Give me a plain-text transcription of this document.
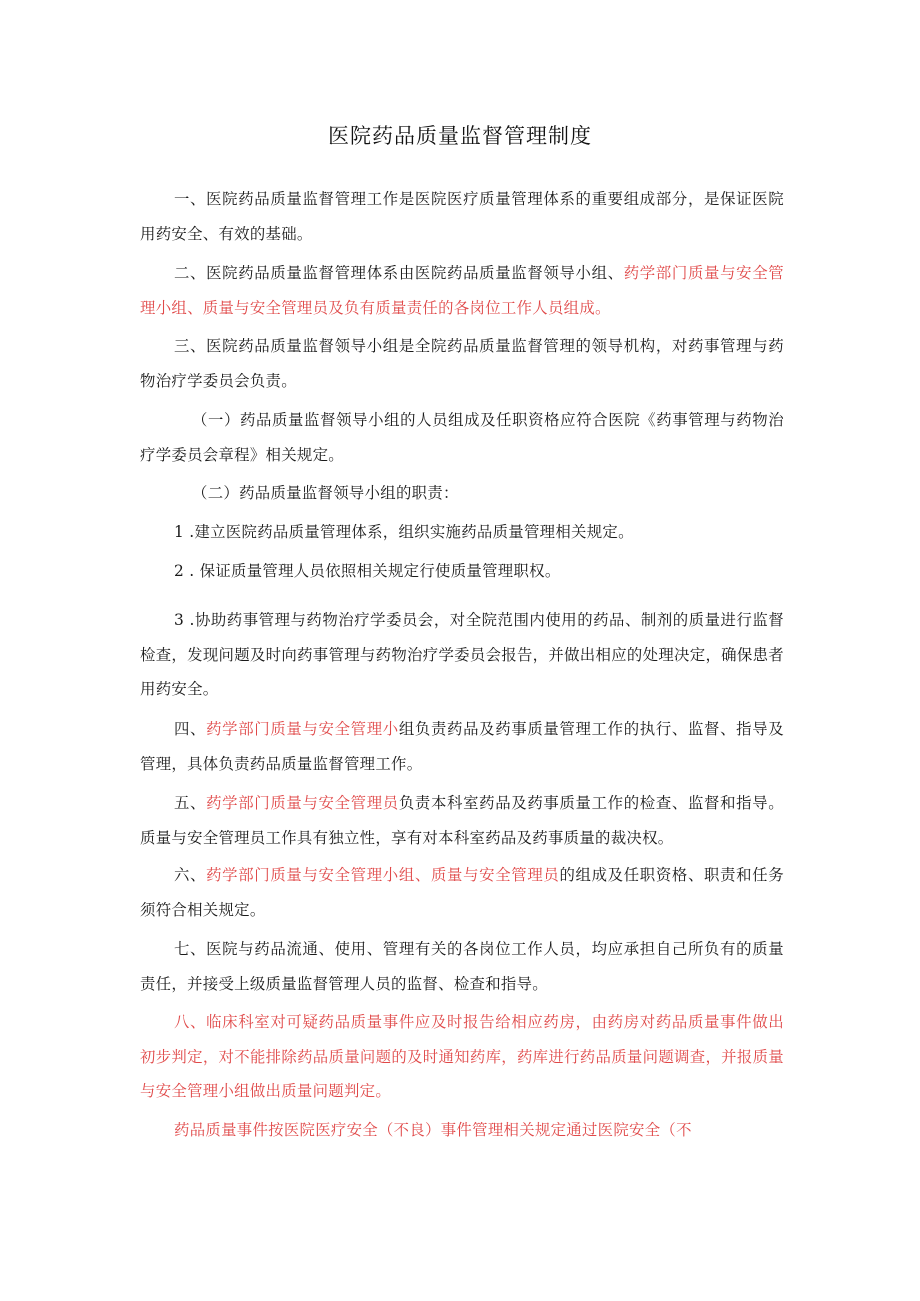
医院药品质量监督管理制度

一、医院药品质量监督管理工作是医院医疗质量管理体系的重要组成部分，是保证医院用药安全、有效的基础。

二、医院药品质量监督管理体系由医院药品质量监督领导小组、药学部门质量与安全管理小组、质量与安全管理员及负有质量责任的各岗位工作人员组成。

三、医院药品质量监督领导小组是全院药品质量监督管理的领导机构，对药事管理与药物治疗学委员会负责。

（一）药品质量监督领导小组的人员组成及任职资格应符合医院《药事管理与药物治疗学委员会章程》相关规定。

（二）药品质量监督领导小组的职责：

1 .建立医院药品质量管理体系，组织实施药品质量管理相关规定。

2 . 保证质量管理人员依照相关规定行使质量管理职权。

3 .协助药事管理与药物治疗学委员会，对全院范围内使用的药品、制剂的质量进行监督检查，发现问题及时向药事管理与药物治疗学委员会报告，并做出相应的处理决定，确保患者用药安全。

四、药学部门质量与安全管理小组负责药品及药事质量管理工作的执行、监督、指导及管理，具体负责药品质量监督管理工作。

五、药学部门质量与安全管理员负责本科室药品及药事质量工作的检查、监督和指导。质量与安全管理员工作具有独立性，享有对本科室药品及药事质量的裁决权。

六、药学部门质量与安全管理小组、质量与安全管理员的组成及任职资格、职责和任务须符合相关规定。

七、医院与药品流通、使用、管理有关的各岗位工作人员，均应承担自己所负有的质量责任，并接受上级质量监督管理人员的监督、检查和指导。

八、临床科室对可疑药品质量事件应及时报告给相应药房，由药房对药品质量事件做出初步判定，对不能排除药品质量问题的及时通知药库，药库进行药品质量问题调查，并报质量与安全管理小组做出质量问题判定。

药品质量事件按医院医疗安全（不良）事件管理相关规定通过医院安全（不
